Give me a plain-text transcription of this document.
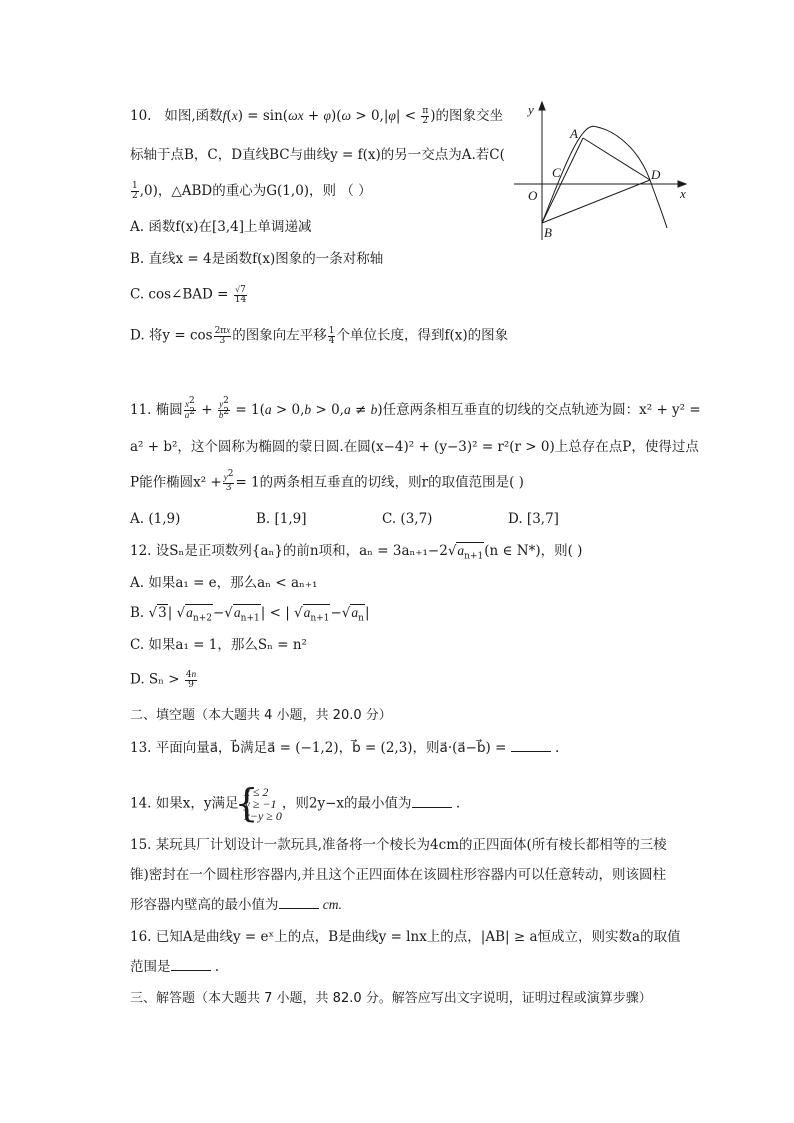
10. 如图,函数$f(x) = \sin(\omega x + \varphi)(\omega > 0,|\varphi| < \frac{\pi}{2}$ )的图象交坐
标轴于点B，C，D直线BC与曲线y = f(x)的另一交点为A.若C(
$\frac{1}{2} ,0$)，△ABD的重心为G(1,0)，则 （ ）
A. 函数f(x)在[3,4]上单调递减
B. 直线x = 4是函数f(x)图象的一条对称轴
C. cos∠BAD = $\frac{√7}{14}$
D. 将$y = \cos \frac{2\pi x}{3}$ 的图象向左平移 $\frac{1}{4}$ 个单位长度，得到f(x)的图象
y
x
A
C	D
O
B
11. 椭圆 $\frac{x^2}{a^2} + \frac{y^2}{b^2} = 1(a > 0,b > 0,a \ne b)$任意两条相互垂直的切线的交点轨迹为圆：x² + y² =
a² + b²，这个圆称为椭圆的蒙日圆.在圆(x−4)² + (y−3)² = r²(r > 0)上总存在点P，使得过点
P能作椭圆$x^2 + \frac{y^2}{3} = 1$的两条相互垂直的切线，则r的取值范围是( )
A. (1,9)	B. [1,9]	C. (3,7)	D. [3,7]
12. 设Sₙ是正项数列{aₙ}的前n项和，$a_n = 3a_{n+1}-2√a_{n+1}(n$ ∈ N*)，则( )
A. 如果a₁ = e，那么aₙ < aₙ₊₁
B. √3| $√a_{n+2}-√a_{n+1}|$ < | $√a_{n+1}-√a_n|$
C. 如果a₁ = 1，那么Sₙ = n²
D. $S_n > \frac{4n}{9}$
二、填空题（本大题共 4 小题，共 20.0 分）
13. 平面向量a⃗，b⃗满足a⃗ = (−1,2)，b⃗ = (2,3)，则a⃗·(a⃗−b⃗) =	.
14. 如果x，y满足
{ x ≤ 2
y ≥ −1
x−y ≥ 0
，则2y−x的最小值为	.
15. 某玩具厂计划设计一款玩具,准备将一个棱长为4cm的正四面体(所有棱长都相等的三棱
锥)密封在一个圆柱形容器内,并且这个正四面体在该圆柱形容器内可以任意转动，则该圆柱
形容器内壁高的最小值为	cm.
16. 已知A是曲线y = eˣ上的点，B是曲线y = lnx上的点，|AB| ≥ a恒成立，则实数a的取值
范围是	.
三、解答题（本大题共 7 小题，共 82.0 分。解答应写出文字说明，证明过程或演算步骤）
